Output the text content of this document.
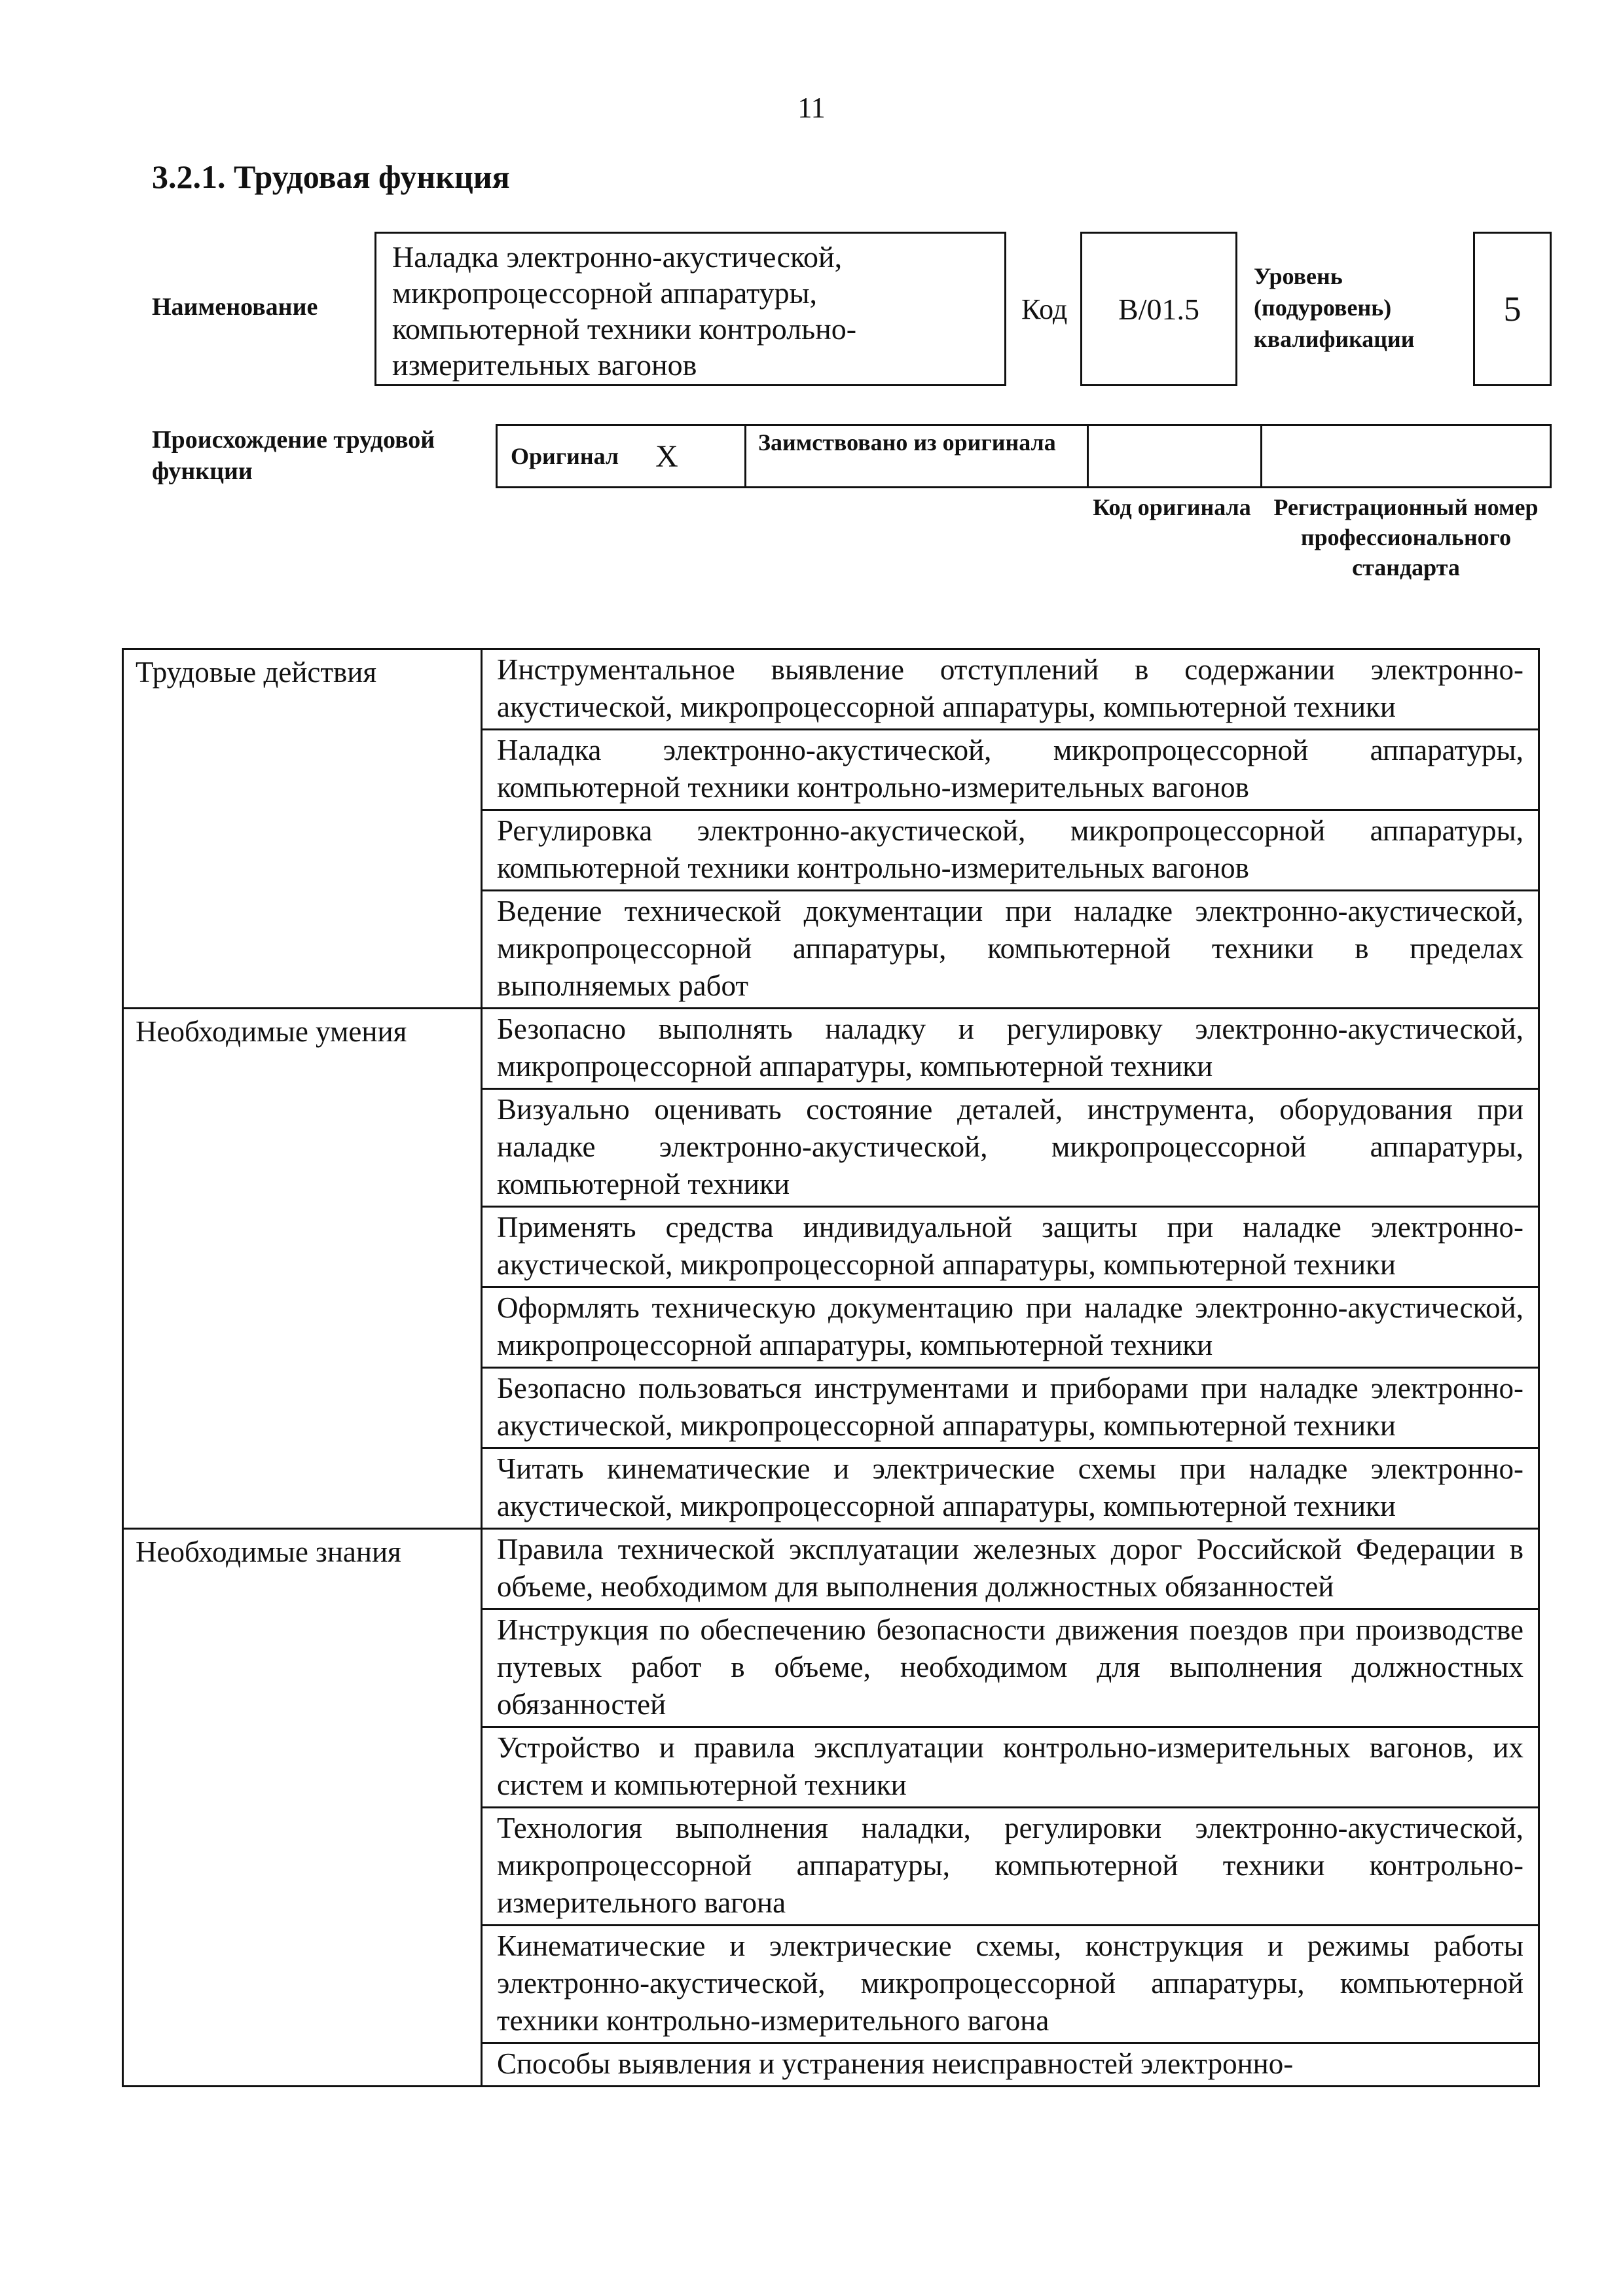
11
3.2.1. Трудовая функция
Наименование
Наладка электронно-акустической, микропроцессорной аппаратуры, компьютерной техники контрольно-измерительных вагонов
Код	В/01.5
Уровень (подуровень) квалификации
5
Происхождение трудовой функции
Оригинал Х	Заимствовано из оригинала
Код оригинала Регистрационный номер профессионального стандарта
Трудовые действия	Инструментальное выявление отступлений в содержании электронно-акустической, микропроцессорной аппаратуры, компьютерной техники
	Наладка электронно-акустической, микропроцессорной аппаратуры, компьютерной техники контрольно-измерительных вагонов
	Регулировка электронно-акустической, микропроцессорной аппаратуры, компьютерной техники контрольно-измерительных вагонов
	Ведение технической документации при наладке электронно-акустической, микропроцессорной аппаратуры, компьютерной техники в пределах выполняемых работ
Необходимые умения	Безопасно выполнять наладку и регулировку электронно-акустической, микропроцессорной аппаратуры, компьютерной техники
	Визуально оценивать состояние деталей, инструмента, оборудования при наладке электронно-акустической, микропроцессорной аппаратуры, компьютерной техники
	Применять средства индивидуальной защиты при наладке электронно-акустической, микропроцессорной аппаратуры, компьютерной техники
	Оформлять техническую документацию при наладке электронно-акустической, микропроцессорной аппаратуры, компьютерной техники
	Безопасно пользоваться инструментами и приборами при наладке электронно-акустической, микропроцессорной аппаратуры, компьютерной техники
	Читать кинематические и электрические схемы при наладке электронно-акустической, микропроцессорной аппаратуры, компьютерной техники
Необходимые знания	Правила технической эксплуатации железных дорог Российской Федерации в объеме, необходимом для выполнения должностных обязанностей
	Инструкция по обеспечению безопасности движения поездов при производстве путевых работ в объеме, необходимом для выполнения должностных обязанностей
	Устройство и правила эксплуатации контрольно-измерительных вагонов, их систем и компьютерной техники
	Технология выполнения наладки, регулировки электронно-акустической, микропроцессорной аппаратуры, компьютерной техники контрольно-измерительного вагона
	Кинематические и электрические схемы, конструкция и режимы работы электронно-акустической, микропроцессорной аппаратуры, компьютерной техники контрольно-измерительного вагона
	Способы выявления и устранения неисправностей электронно-
